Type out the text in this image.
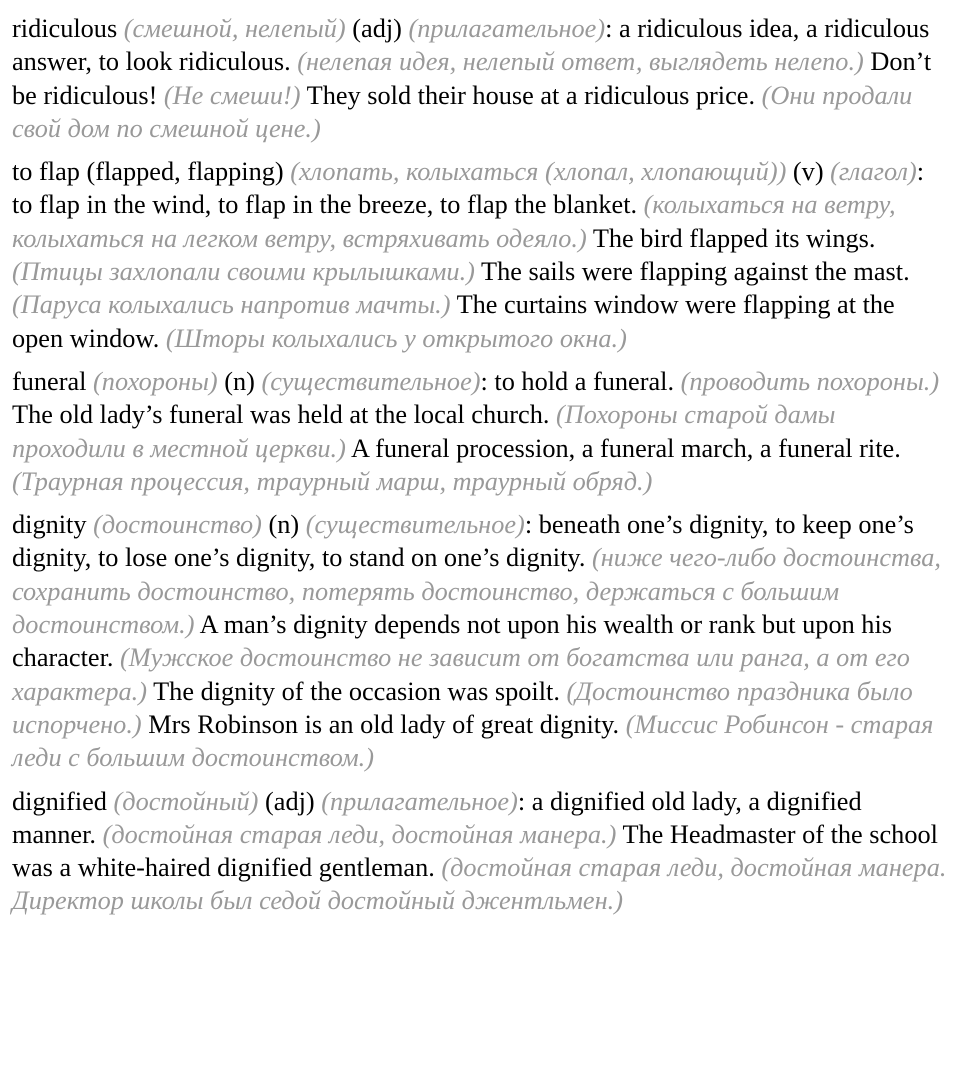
ridiculous (смешной, нелепый) (adj) (прилагательное): a ridiculous idea, a ridiculous answer, to look ridiculous. (нелепая идея, нелепый ответ, выглядеть нелепо.) Don’t be ridiculous! (Не смеши!) They sold their house at a ridiculous price. (Они продали свой дом по смешной цене.)

to flap (flapped, flapping) (хлопать, колыхаться (хлопал, хлопающий)) (v) (глагол): to flap in the wind, to flap in the breeze, to flap the blanket. (колыхаться на ветру, колыхаться на легком ветру, встряхивать одеяло.) The bird flapped its wings. (Птицы захлопали своими крылышками.) The sails were flapping against the mast. (Паруса колыхались напротив мачты.) The curtains window were flapping at the open window. (Шторы колыхались у открытого окна.)

funeral (похороны) (n) (существительное): to hold a funeral. (проводить похороны.) The old lady’s funeral was held at the local church. (Похороны старой дамы проходили в местной церкви.) A funeral procession, a funeral march, a funeral rite. (Траурная процессия, траурный марш, траурный обряд.)

dignity (достоинство) (n) (существительное): beneath one’s dignity, to keep one’s dignity, to lose one’s dignity, to stand on one’s dignity. (ниже чего-либо достоинства, сохранить достоинство, потерять достоинство, держаться с большим достоинством.) A man’s dignity depends not upon his wealth or rank but upon his character. (Мужское достоинство не зависит от богатства или ранга, а от его характера.) The dignity of the occasion was spoilt. (Достоинство праздника было испорчено.) Mrs Robinson is an old lady of great dignity. (Миссис Робинсон - старая леди с большим достоинством.)

dignified (достойный) (adj) (прилагательное): a dignified old lady, a dignified manner. (достойная старая леди, достойная манера.) The Headmaster of the school was a white-haired dignified gentleman. (достойная старая леди, достойная манера. Директор школы был седой достойный джентльмен.)
